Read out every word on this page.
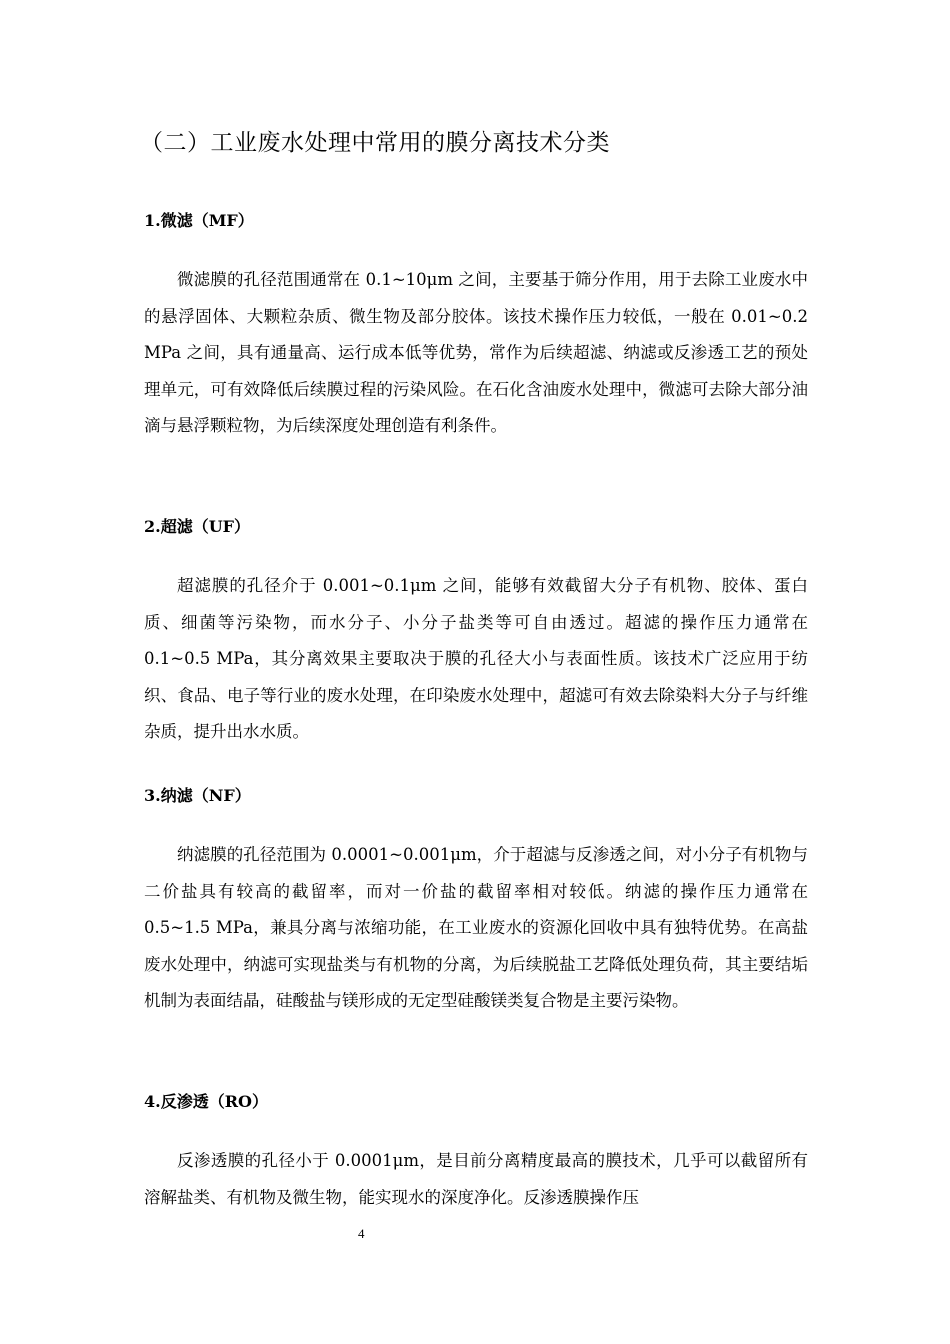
（二）工业废水处理中常用的膜分离技术分类
1.微滤（MF）

微滤膜的孔径范围通常在 0.1~10μm 之间，主要基于筛分作用，用于去除工业废水中的悬浮固体、大颗粒杂质、微生物及部分胶体。该技术操作压力较低，一般在 0.01~0.2 MPa 之间，具有通量高、运行成本低等优势，常作为后续超滤、纳滤或反渗透工艺的预处理单元，可有效降低后续膜过程的污染风险。在石化含油废水处理中，微滤可去除大部分油滴与悬浮颗粒物，为后续深度处理创造有利条件。

2.超滤（UF）

超滤膜的孔径介于 0.001~0.1μm 之间，能够有效截留大分子有机物、胶体、蛋白质、细菌等污染物，而水分子、小分子盐类等可自由透过。超滤的操作压力通常在 0.1~0.5 MPa，其分离效果主要取决于膜的孔径大小与表面性质。该技术广泛应用于纺织、食品、电子等行业的废水处理，在印染废水处理中，超滤可有效去除染料大分子与纤维杂质，提升出水水质。

3.纳滤（NF）

纳滤膜的孔径范围为 0.0001~0.001μm，介于超滤与反渗透之间，对小分子有机物与二价盐具有较高的截留率，而对一价盐的截留率相对较低。纳滤的操作压力通常在 0.5~1.5 MPa，兼具分离与浓缩功能，在工业废水的资源化回收中具有独特优势。在高盐废水处理中，纳滤可实现盐类与有机物的分离，为后续脱盐工艺降低处理负荷，其主要结垢机制为表面结晶，硅酸盐与镁形成的无定型硅酸镁类复合物是主要污染物。

4.反渗透（RO）

反渗透膜的孔径小于 0.0001μm，是目前分离精度最高的膜技术，几乎可以截留所有溶解盐类、有机物及微生物，能实现水的深度净化。反渗透膜操作压

4
